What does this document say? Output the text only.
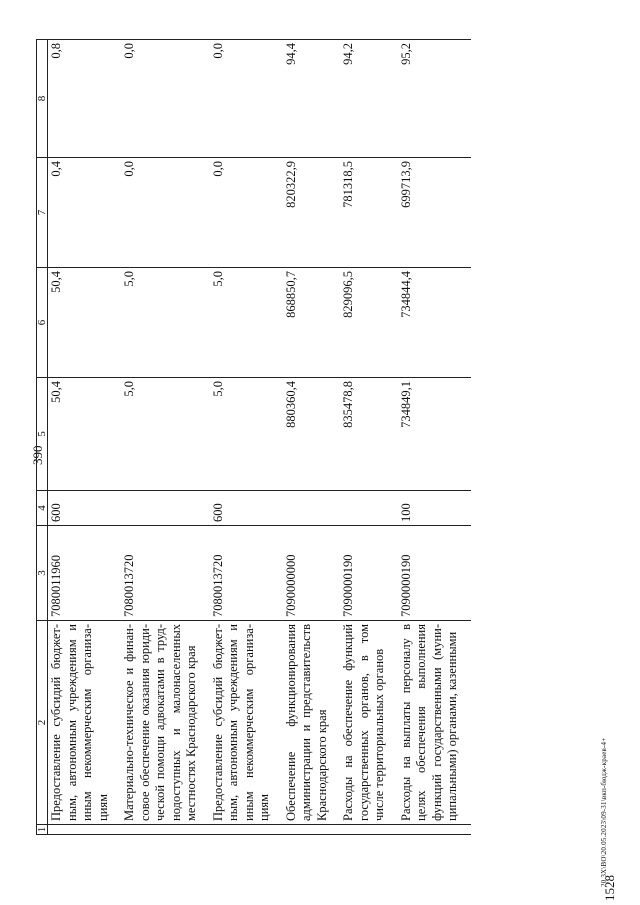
390
1528
20.3Х\ВО\20.05.2023\09-31\вкп-бюдж-краев-4+
1	2	3	4	5	6	7	8
	Предоставление субсидий бюджет-ным, автономным учреждениям и иным некоммерческим организа-циям	7080011960	600	50,4	50,4	0,4	0,8
	Материально-техническое и финан-совое обеспечение оказания юриди-ческой помощи адвокатами в труд-нодоступных и малонаселенных местностях Краснодарского края	7080013720		5,0	5,0	0,0	0,0
	Предоставление субсидий бюджет-ным, автономным учреждениям и иным некоммерческим организа-циям	7080013720	600	5,0	5,0	0,0	0,0
	Обеспечение функционирования администрации и представительств Краснодарского края	7090000000		880360,4	868850,7	820322,9	94,4
	Расходы на обеспечение функций государственных органов, в том числе территориальных органов	7090000190		835478,8	829096,5	781318,5	94,2
	Расходы на выплаты персоналу в целях обеспечения выполнения функций государственными (муни-ципальными) органами, казенными	7090000190	100	734849,1	734844,4	699713,9	95,2
